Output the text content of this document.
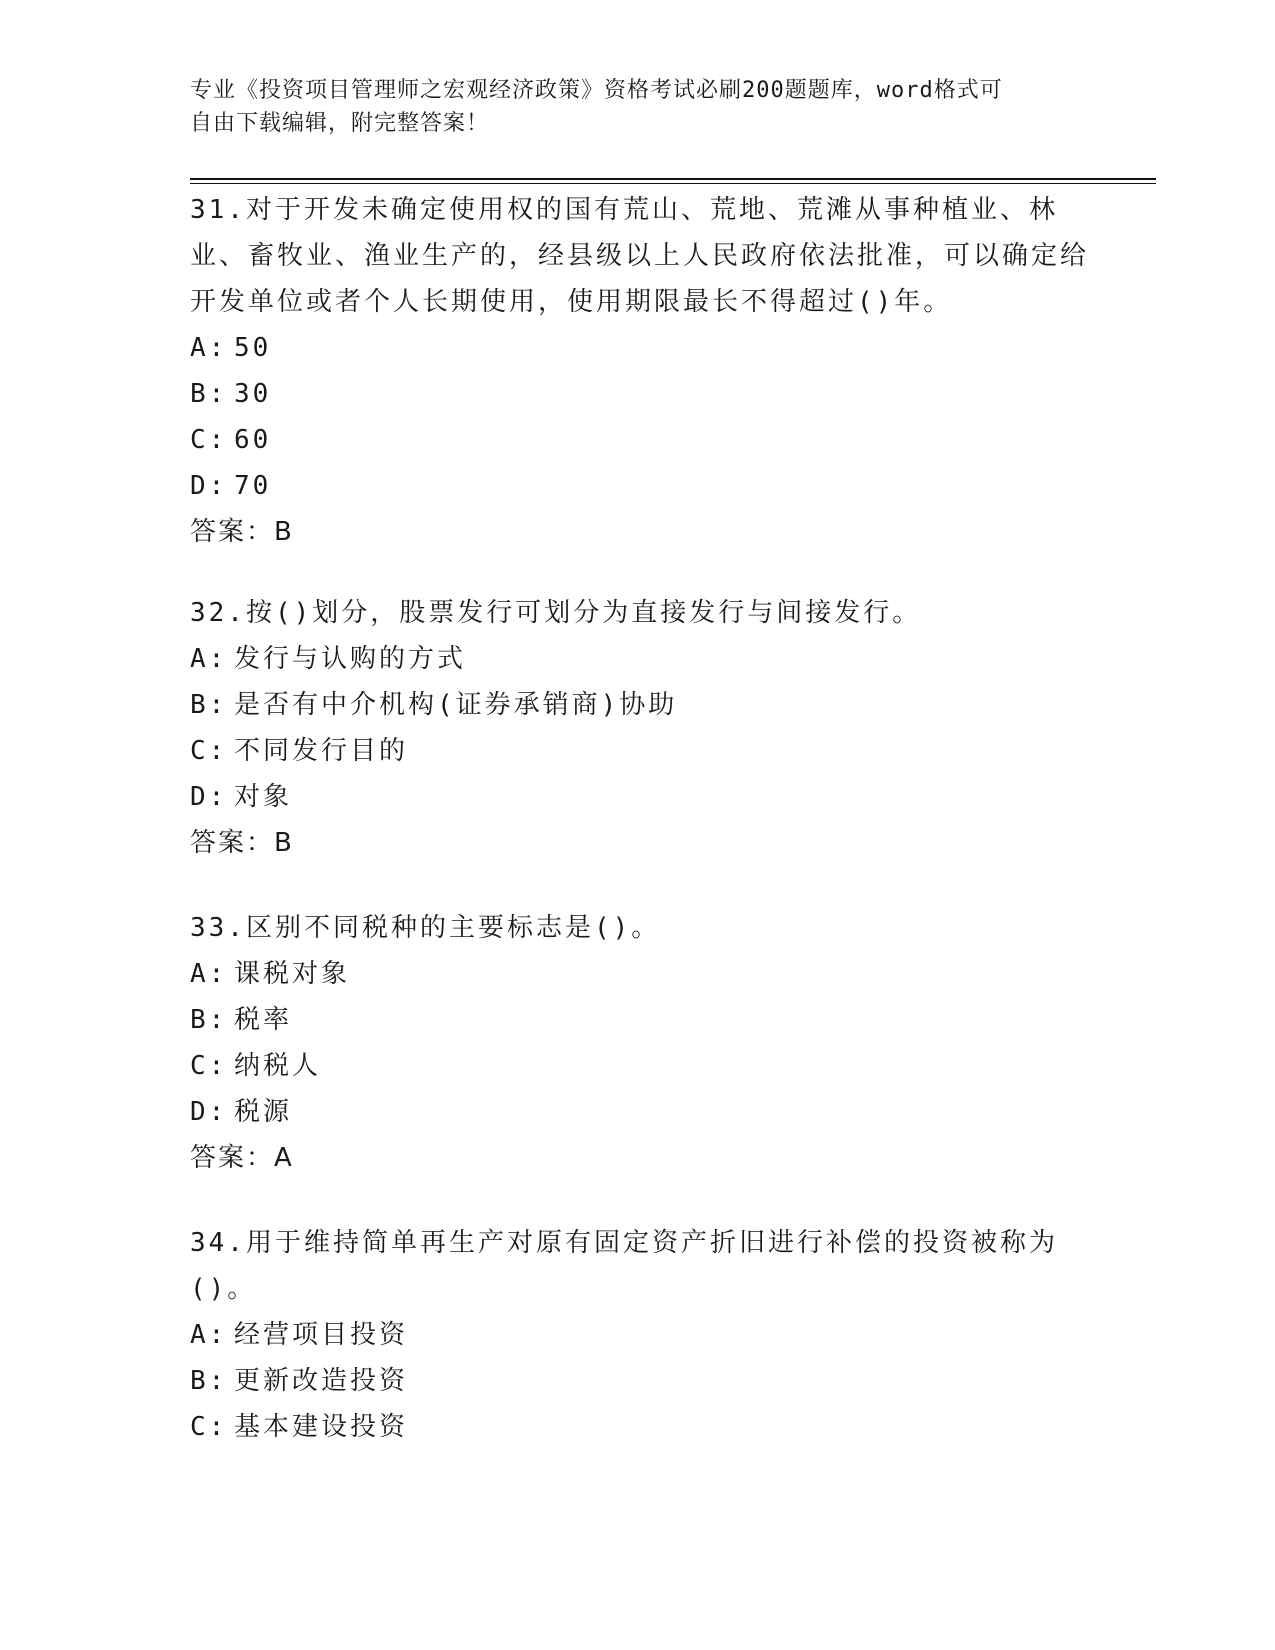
专业《投资项目管理师之宏观经济政策》资格考试必刷200题题库，word格式可
自由下载编辑，附完整答案！

31.对于开发未确定使用权的国有荒山、荒地、荒滩从事种植业、林业、畜牧业、渔业生产的，经县级以上人民政府依法批准，可以确定给开发单位或者个人长期使用，使用期限最长不得超过()年。

A: 50

B: 30

C: 60

D: 70

答案：B

32.按()划分，股票发行可划分为直接发行与间接发行。

A: 发行与认购的方式

B: 是否有中介机构(证券承销商)协助

C: 不同发行目的

D: 对象

答案：B

33.区别不同税种的主要标志是()。

A: 课税对象

B: 税率

C: 纳税人

D: 税源

答案：A

34.用于维持简单再生产对原有固定资产折旧进行补偿的投资被称为()。

A: 经营项目投资

B: 更新改造投资

C: 基本建设投资
